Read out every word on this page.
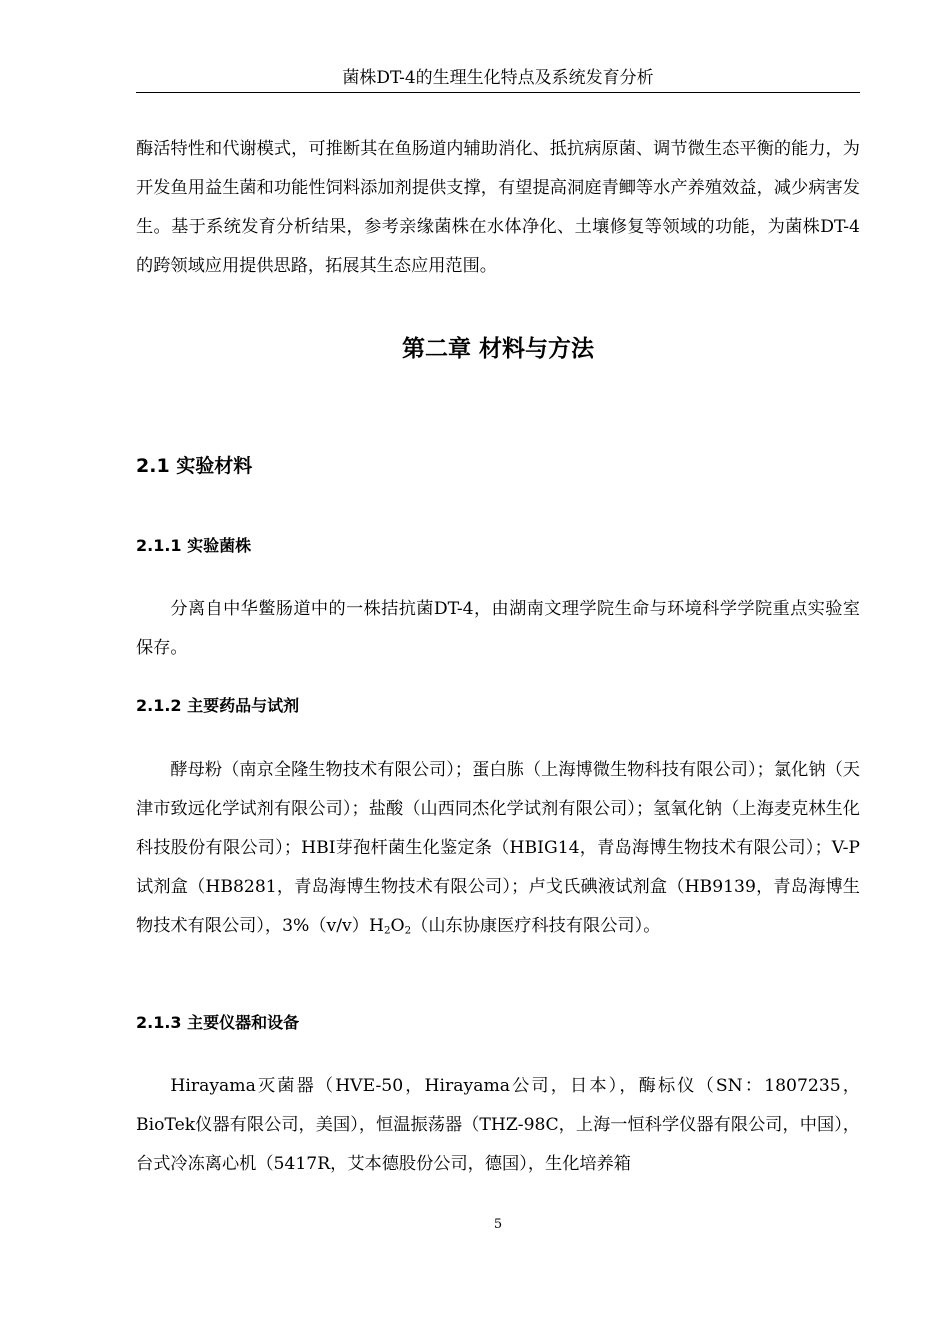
菌株DT-4的生理生化特点及系统发育分析

酶活特性和代谢模式，可推断其在鱼肠道内辅助消化、抵抗病原菌、调节微生态平衡的能力，为开发鱼用益生菌和功能性饲料添加剂提供支撑，有望提高洞庭青鲫等水产养殖效益，减少病害发生。基于系统发育分析结果，参考亲缘菌株在水体净化、土壤修复等领域的功能，为菌株DT-4的跨领域应用提供思路，拓展其生态应用范围。

第二章 材料与方法
2.1 实验材料
2.1.1 实验菌株

分离自中华鳖肠道中的一株拮抗菌DT-4，由湖南文理学院生命与环境科学学院重点实验室保存。

2.1.2 主要药品与试剂

酵母粉（南京全隆生物技术有限公司）；蛋白胨（上海博微生物科技有限公司）；氯化钠（天津市致远化学试剂有限公司）；盐酸（山西同杰化学试剂有限公司）；氢氧化钠（上海麦克林生化科技股份有限公司）；HBI芽孢杆菌生化鉴定条（HBIG14，青岛海博生物技术有限公司）；V-P试剂盒（HB8281，青岛海博生物技术有限公司）；卢戈氏碘液试剂盒（HB9139，青岛海博生物技术有限公司），$3\%(v/v)H_2O_2$（山东协康医疗科技有限公司）。

2.1.3 主要仪器和设备

Hirayama灭菌器（HVE-50，Hirayama公司，日本），酶标仪（SN：1807235，BioTek仪器有限公司，美国），恒温振荡器（THZ-98C，上海一恒科学仪器有限公司，中国），台式冷冻离心机（5417R，艾本德股份公司，德国），生化培养箱

5
